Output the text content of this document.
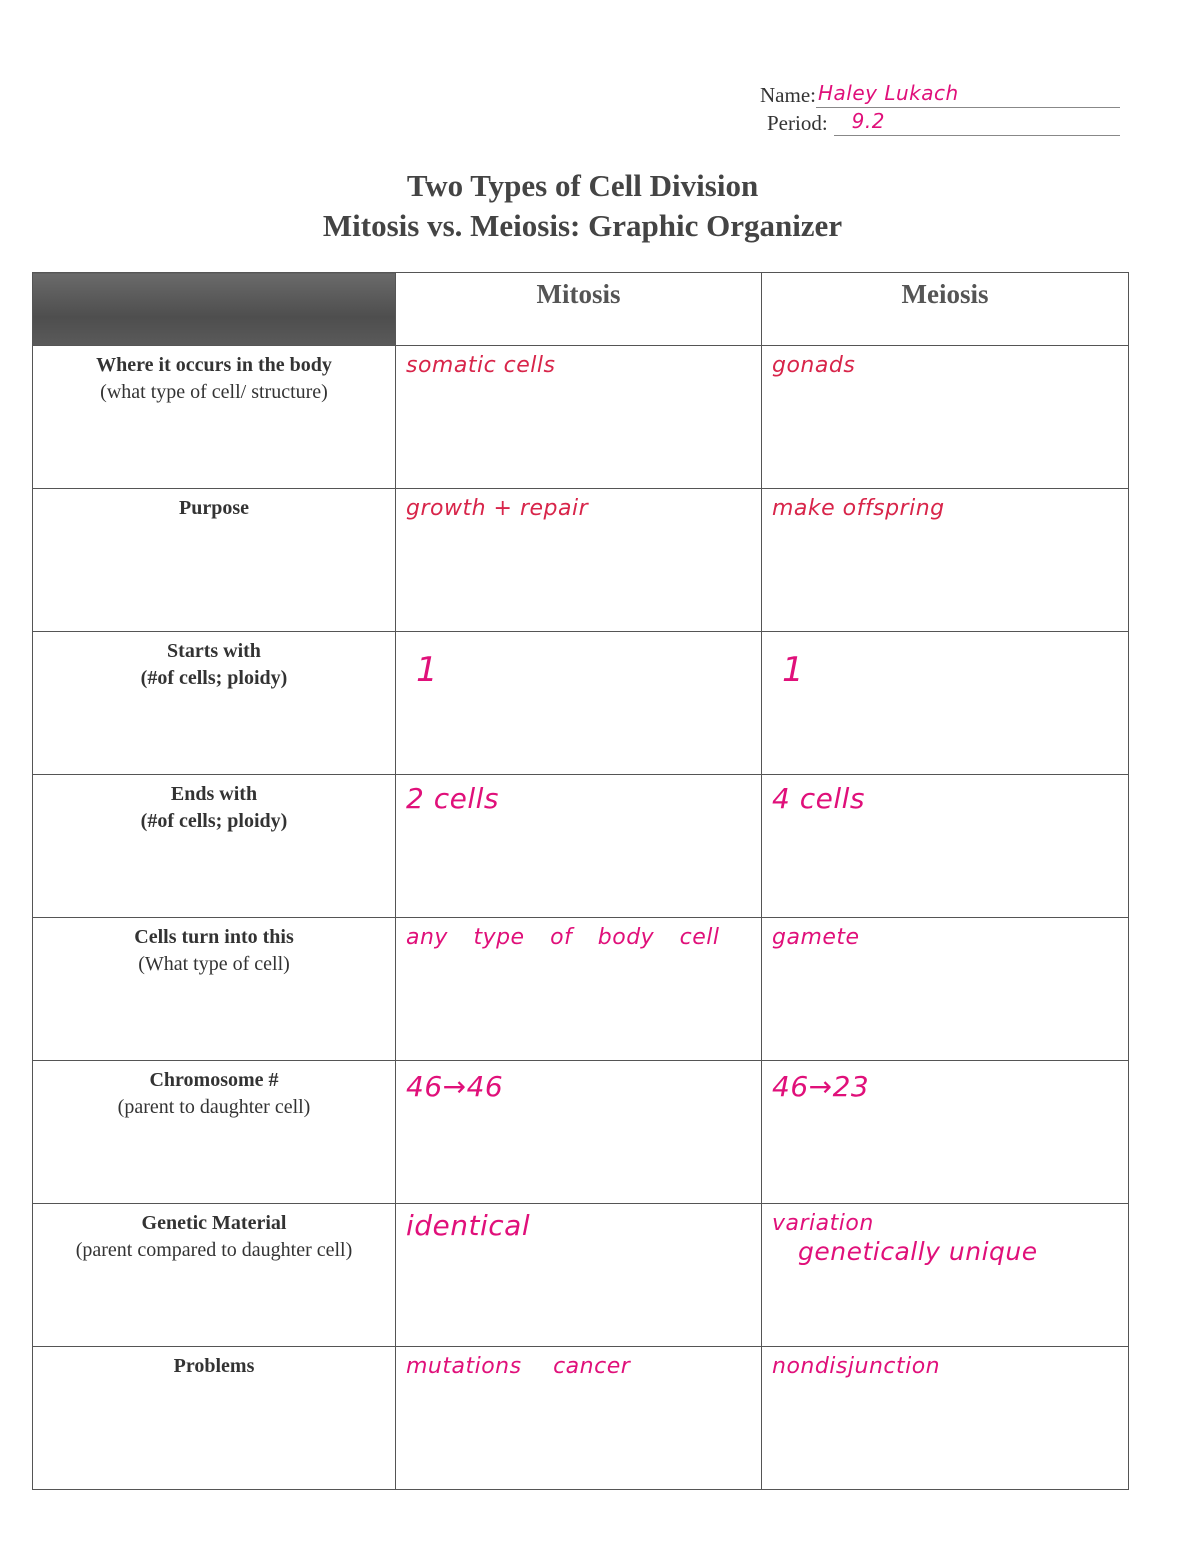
Name: Haley Lukach
Period: 9.2
Two Types of Cell Division
Mitosis vs. Meiosis: Graphic Organizer
	Mitosis	Meiosis

Where it occurs in the body
(what type of cell/ structure)	somatic cells	gonads

Purpose	growth + repair	make offspring

Starts with
(#of cells; ploidy)	1	1

Ends with
(#of cells; ploidy)	2 cells	4 cells

Cells turn into this
(What type of cell)	any type of body cell	gamete

Chromosome #
(parent to daughter cell)	46→46	46→23

Genetic Material
(parent compared to daughter cell)	identical	variation
genetically unique

Problems	mutations cancer	nondisjunction
